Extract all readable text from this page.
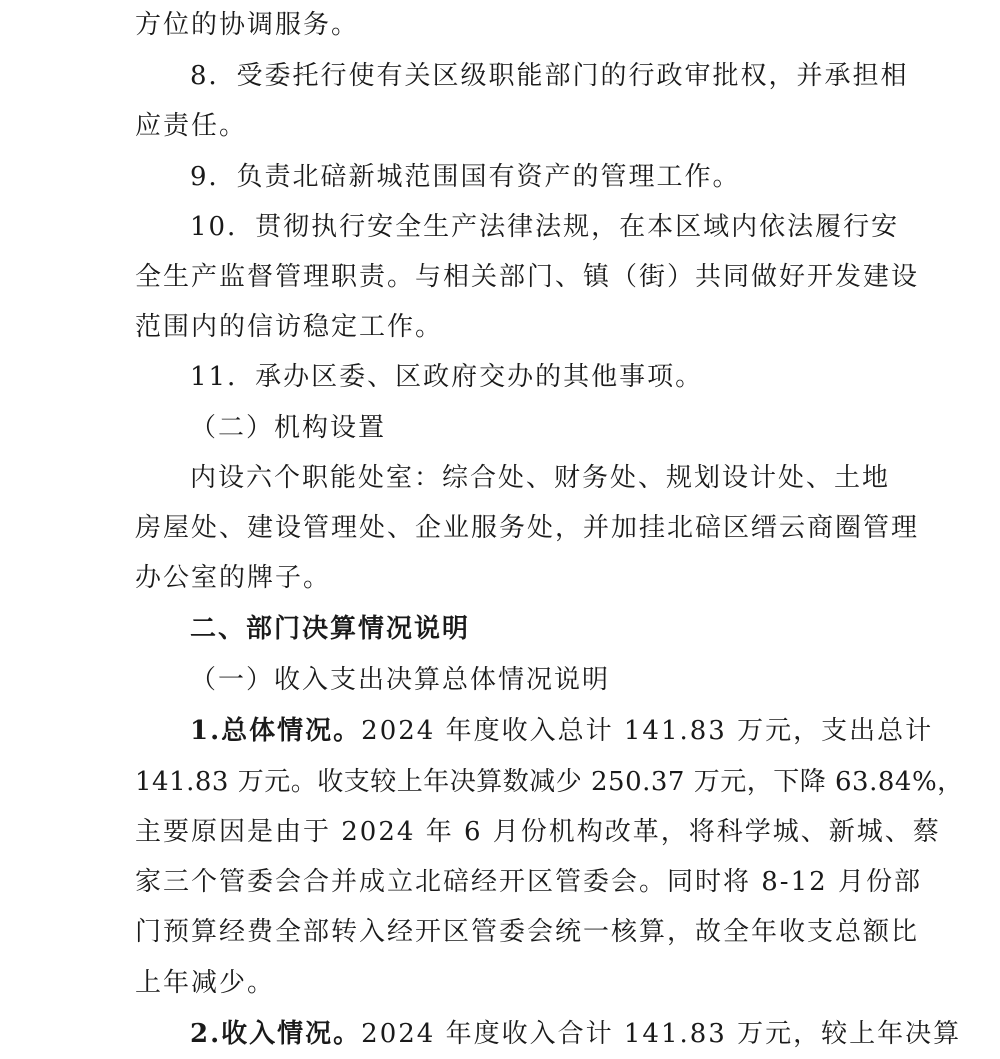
方位的协调服务。
8．受委托行使有关区级职能部门的行政审批权，并承担相
应责任。
9．负责北碚新城范围国有资产的管理工作。
10．贯彻执行安全生产法律法规，在本区域内依法履行安
全生产监督管理职责。与相关部门、镇（街）共同做好开发建设
范围内的信访稳定工作。
11．承办区委、区政府交办的其他事项。
（二）机构设置
内设六个职能处室：综合处、财务处、规划设计处、土地
房屋处、建设管理处、企业服务处，并加挂北碚区缙云商圈管理
办公室的牌子。
二、部门决算情况说明
（一）收入支出决算总体情况说明
1.总体情况。2024 年度收入总计 141.83 万元，支出总计
141.83 万元。收支较上年决算数减少 250.37 万元，下降 63.84%，
主要原因是由于 2024 年 6 月份机构改革，将科学城、新城、蔡
家三个管委会合并成立北碚经开区管委会。同时将 8-12 月份部
门预算经费全部转入经开区管委会统一核算，故全年收支总额比
上年减少。
2.收入情况。2024 年度收入合计 141.83 万元，较上年决算
